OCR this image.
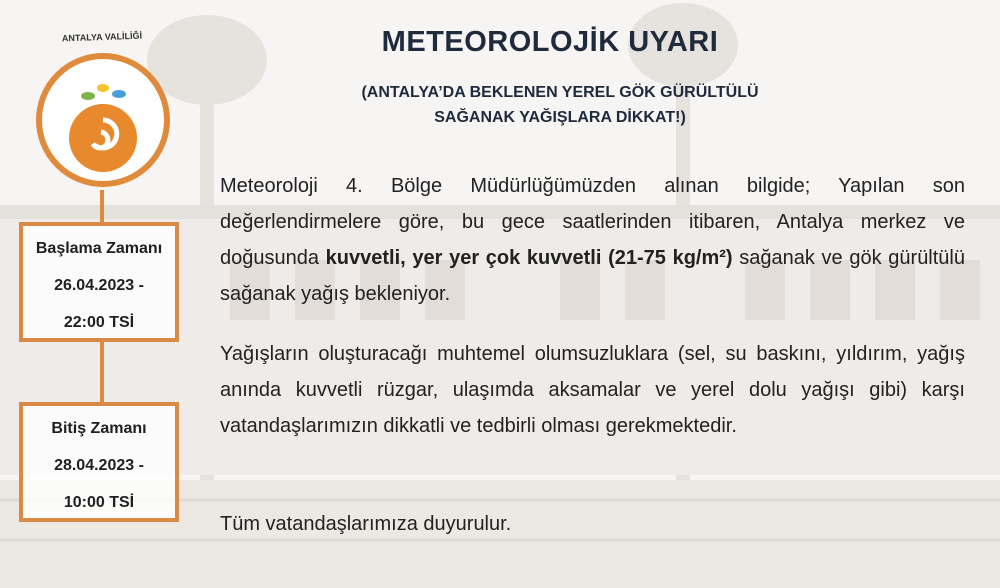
ANTALYA VALİLİĞİ
Başlama Zamanı
26.04.2023 -
22:00 TSİ
Bitiş Zamanı
28.04.2023 -
10:00 TSİ
METEOROLOJİK UYARI
(ANTALYA’DA BEKLENEN YEREL GÖK GÜRÜLTÜLÜ
SAĞANAK YAĞIŞLARA DİKKAT!)
Meteoroloji 4. Bölge Müdürlüğümüzden alınan bilgide; Yapılan son değerlendirmelere göre, bu gece saatlerinden itibaren, Antalya merkez ve doğusunda kuvvetli, yer yer çok kuvvetli (21-75 kg/m²) sağanak ve gök gürültülü sağanak yağış bekleniyor.
Yağışların oluşturacağı muhtemel olumsuzluklara (sel, su baskını, yıldırım, yağış anında kuvvetli rüzgar, ulaşımda aksamalar ve yerel dolu yağışı gibi) karşı vatandaşlarımızın dikkatli ve tedbirli olması gerekmektedir.
Tüm vatandaşlarımıza duyurulur.
